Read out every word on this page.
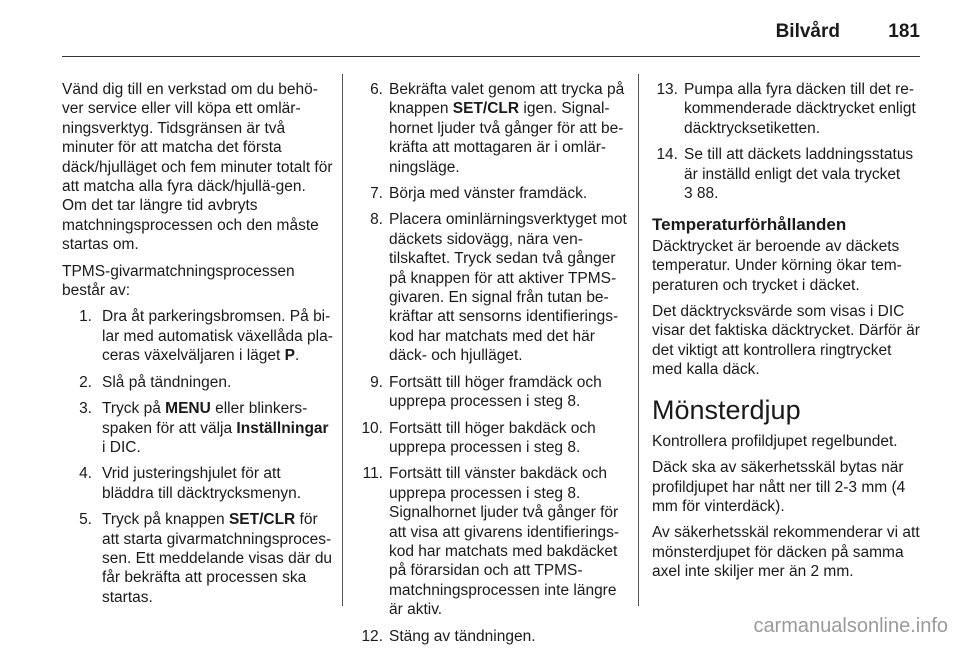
Bilvård	181

Vänd dig till en verkstad om du behö-ver service eller vill köpa ett omlär-ningsverktyg. Tidsgränsen är två minuter för att matcha det första däck/hjulläget och fem minuter totalt för att matcha alla fyra däck/hjullä-gen. Om det tar längre tid avbryts matchningsprocessen och den måste startas om.

TPMS-givarmatchningsprocessen består av:

1. Dra åt parkeringsbromsen. På bi-lar med automatisk växellåda pla-ceras växelväljaren i läget P.
2. Slå på tändningen.
3. Tryck på MENU eller blinkers-spaken för att välja Inställningar i DIC.
4. Vrid justeringshjulet för att bläddra till däcktrycksmenyn.
5. Tryck på knappen SET/CLR för att starta givarmatchningsproces-sen. Ett meddelande visas där du får bekräfta att processen ska startas.
6. Bekräfta valet genom att trycka på knappen SET/CLR igen. Signal-hornet ljuder två gånger för att be-kräfta att mottagaren är i omlär-ningsläge.
7. Börja med vänster framdäck.
8. Placera ominlärningsverktyget mot däckets sidovägg, nära ven-tilskaftet. Tryck sedan två gånger på knappen för att aktiver TPMS-givaren. En signal från tutan be-kräftar att sensorns identifierings-kod har matchats med det här däck- och hjulläget.
9. Fortsätt till höger framdäck och upprepa processen i steg 8.
10. Fortsätt till höger bakdäck och upprepa processen i steg 8.
11. Fortsätt till vänster bakdäck och upprepa processen i steg 8. Signalhornet ljuder två gånger för att visa att givarens identifierings-kod har matchats med bakdäcket på förarsidan och att TPMS-matchningsprocessen inte längre är aktiv.
12. Stäng av tändningen.
13. Pumpa alla fyra däcken till det re-kommenderade däcktrycket enligt däcktrycksetiketten.
14. Se till att däckets laddningsstatus är inställd enligt det vala trycket
3 88.
Temperaturförhållanden

Däcktrycket är beroende av däckets temperatur. Under körning ökar tem-peraturen och trycket i däcket.

Det däcktrycksvärde som visas i DIC visar det faktiska däcktrycket. Därför är det viktigt att kontrollera ringtrycket med kalla däck.

Mönsterdjup

Kontrollera profildjupet regelbundet.

Däck ska av säkerhetsskäl bytas när profildjupet har nått ner till 2-3 mm (4 mm för vinterdäck).

Av säkerhetsskäl rekommenderar vi att mönsterdjupet för däcken på samma axel inte skiljer mer än 2 mm.

carmanualsonline.info
